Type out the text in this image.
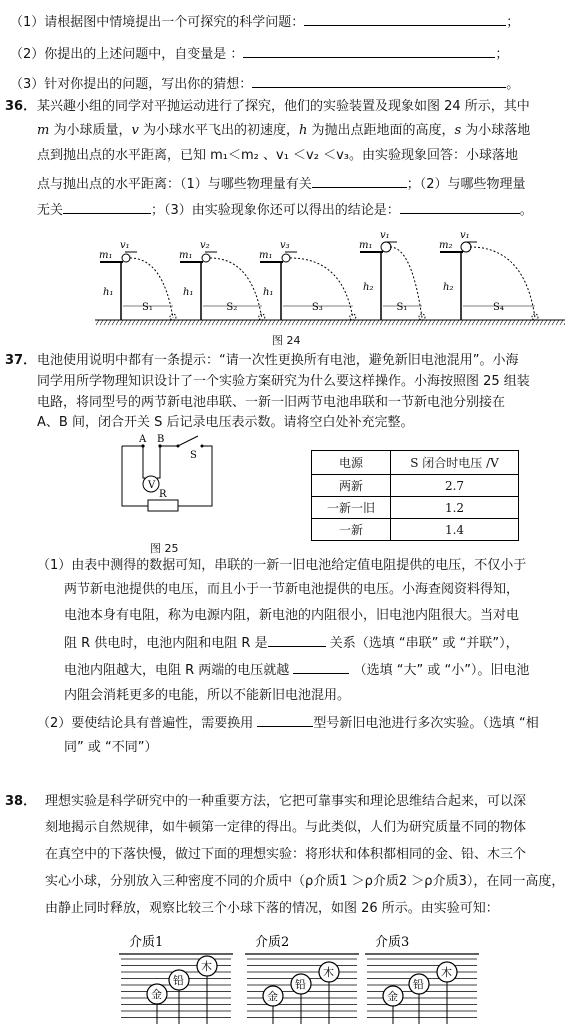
（1）请根据图中情境提出一个可探究的科学问题：	；
（2）你提出的上述问题中，自变量是 ：	；
（3）针对你提出的问题，写出你的猜想：	。
36． 某兴趣小组的同学对平抛运动进行了探究，他们的实验装置及现象如图 24 所示，其中
m 为小球质量，v 为小球水平飞出的初速度，h 为抛出点距地面的高度，s 为小球落地
点到抛出点的水平距离，已知 m₁＜m₂ 、v₁ ＜v₂ ＜v₃。由实验现象回答：小球落地
点与抛出点的水平距离：（1）与哪些物理量有关	；（2）与哪些物理量
无关	；（3）由实验现象你还可以得出的结论是：	。
v₁
m₁
h₁
S₁
v₂
m₁
h₁
S₂
v₃
m₁
h₁
S₃
v₁
m₁
h₂
S₁
v₁
m₂
h₂
S₄
图 24
37． 电池使用说明中都有一条提示：“请一次性更换所有电池，避免新旧电池混用”。小海
同学用所学物理知识设计了一个实验方案研究为什么要这样操作。小海按照图 25 组装
电路，将同型号的两节新电池串联、一新一旧两节电池串联和一节新电池分别接在
A、B 间，闭合开关 S 后记录电压表示数。请将空白处补充完整。
A B
S
V
R
图 25
电源	S 闭合时电压 /V
两新	2.7
一新一旧	1.2
一新	1.4
（1）由表中测得的数据可知，串联的一新一旧电池给定值电阻提供的电压，不仅小于
两节新电池提供的电压，而且小于一节新电池提供的电压。小海查阅资料得知，
电池本身有电阻，称为电源内阻，新电池的内阻很小，旧电池内阻很大。当对电
阻 R 供电时，电池内阻和电阻 R 是	关系（选填 “串联” 或 “并联”），
电池内阻越大，电阻 R 两端的电压就越	（选填 “大” 或 “小”）。旧电池
内阻会消耗更多的电能，所以不能新旧电池混用。
（2）要使结论具有普遍性，需要换用	型号新旧电池进行多次实验。（选填 “相
同” 或 “不同”）
38． 理想实验是科学研究中的一种重要方法，它把可靠事实和理论思维结合起来，可以深
刻地揭示自然规律，如牛顿第一定律的得出。与此类似，人们为研究质量不同的物体
在真空中的下落快慢，做过下面的理想实验：将形状和体积都相同的金、铅、木三个
实心小球，分别放入三种密度不同的介质中（ρ介质1 ＞ρ介质2 ＞ρ介质3），在同一高度，
由静止同时释放，观察比较三个小球下落的情况，如图 26 所示。由实验可知：
介质1
金
铅
木
介质2
金
铅
木
介质3
金
铅
木
